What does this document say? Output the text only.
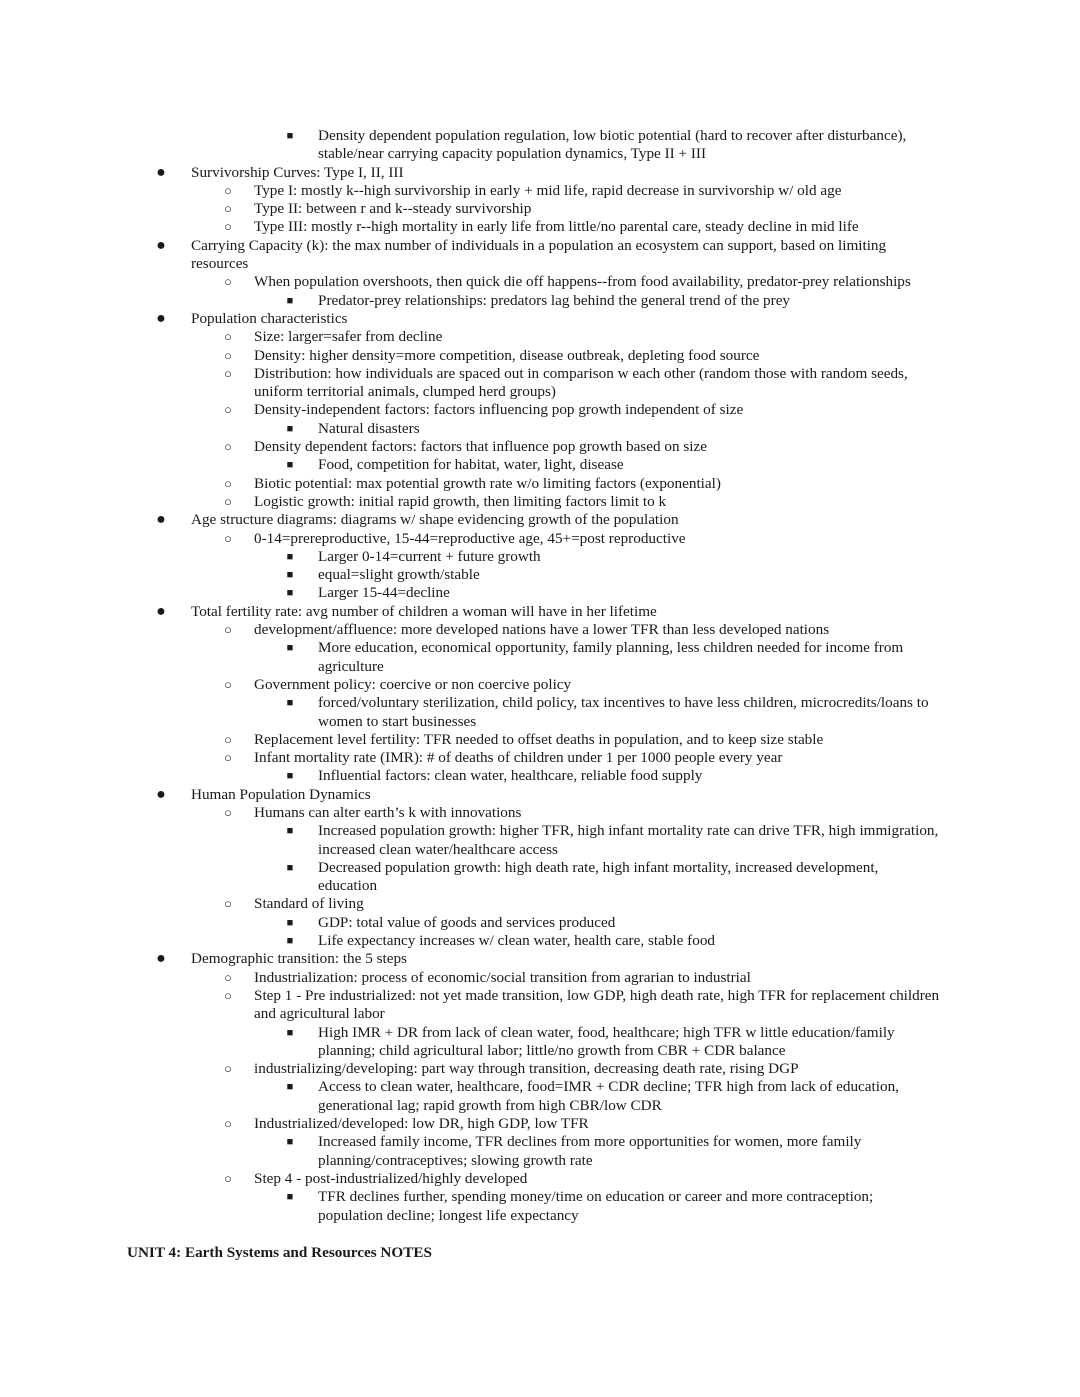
■	Density dependent population regulation, low biotic potential (hard to recover after disturbance), stable/near carrying capacity population dynamics, Type II + III
●	Survivorship Curves: Type I, II, III
○	Type I: mostly k--high survivorship in early + mid life, rapid decrease in survivorship w/ old age
○	Type II: between r and k--steady survivorship
○	Type III: mostly r--high mortality in early life from little/no parental care, steady decline in mid life
●	Carrying Capacity (k): the max number of individuals in a population an ecosystem can support, based on limiting resources
○	When population overshoots, then quick die off happens--from food availability, predator-prey relationships
■	Predator-prey relationships: predators lag behind the general trend of the prey
●	Population characteristics
○	Size: larger=safer from decline
○	Density: higher density=more competition, disease outbreak, depleting food source
○	Distribution: how individuals are spaced out in comparison w each other (random those with random seeds, uniform territorial animals, clumped herd groups)
○	Density-independent factors: factors influencing pop growth independent of size
■	Natural disasters
○	Density dependent factors: factors that influence pop growth based on size
■	Food, competition for habitat, water, light, disease
○	Biotic potential: max potential growth rate w/o limiting factors (exponential)
○	Logistic growth: initial rapid growth, then limiting factors limit to k
●	Age structure diagrams: diagrams w/ shape evidencing growth of the population
○	0-14=prereproductive, 15-44=reproductive age, 45+=post reproductive
■	Larger 0-14=current + future growth
■	equal=slight growth/stable
■	Larger 15-44=decline
●	Total fertility rate: avg number of children a woman will have in her lifetime
○	development/affluence: more developed nations have a lower TFR than less developed nations
■	More education, economical opportunity, family planning, less children needed for income from agriculture
○	Government policy: coercive or non coercive policy
■	forced/voluntary sterilization, child policy, tax incentives to have less children, microcredits/loans to women to start businesses
○	Replacement level fertility: TFR needed to offset deaths in population, and to keep size stable
○	Infant mortality rate (IMR): # of deaths of children under 1 per 1000 people every year
■	Influential factors: clean water, healthcare, reliable food supply
●	Human Population Dynamics
○	Humans can alter earth’s k with innovations
■	Increased population growth: higher TFR, high infant mortality rate can drive TFR, high immigration, increased clean water/healthcare access
■	Decreased population growth: high death rate, high infant mortality, increased development, education
○	Standard of living
■	GDP: total value of goods and services produced
■	Life expectancy increases w/ clean water, health care, stable food
●	Demographic transition: the 5 steps
○	Industrialization: process of economic/social transition from agrarian to industrial
○	Step 1 - Pre industrialized: not yet made transition, low GDP, high death rate, high TFR for replacement children and agricultural labor
■	High IMR + DR from lack of clean water, food, healthcare; high TFR w little education/family planning; child agricultural labor; little/no growth from CBR + CDR balance
○	industrializing/developing: part way through transition, decreasing death rate, rising DGP
■	Access to clean water, healthcare, food=IMR + CDR decline; TFR high from lack of education, generational lag; rapid growth from high CBR/low CDR
○	Industrialized/developed: low DR, high GDP, low TFR
■	Increased family income, TFR declines from more opportunities for women, more family planning/contraceptives; slowing growth rate
○	Step 4 - post-industrialized/highly developed
■	TFR declines further, spending money/time on education or career and more contraception; population decline; longest life expectancy
UNIT 4: Earth Systems and Resources NOTES
